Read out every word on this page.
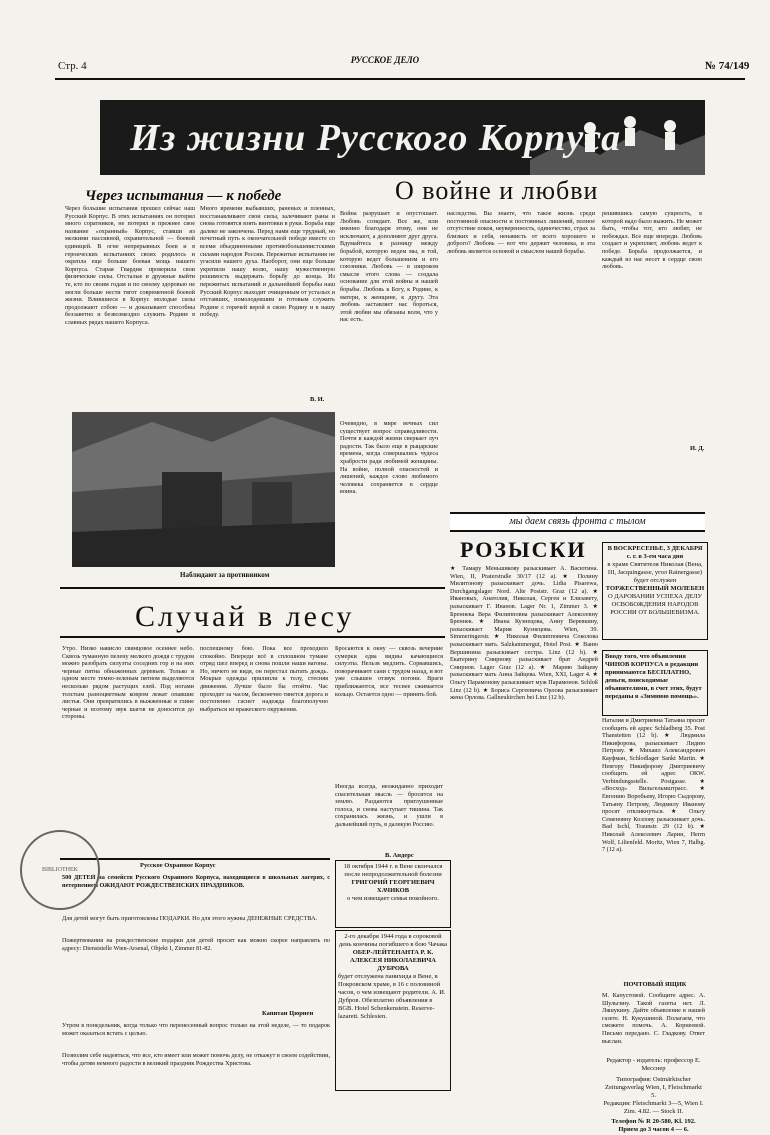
Стр. 4	РУССКОЕ ДЕЛО	№ 74/149
Из жизни Русского Корпуса
Через испытания — к победе
Через большие испытания прошел сейчас наш Русский Корпус. В этих испытаниях он потерял много соратников, не потерял и прежнее свое название «охранный» Корпус, ставши из мелкими пассивной, охранительной — боевой единицей. В огне непрерывных боев и в героических испытаниях своих родилось и окрепла еще больше боевая мощь нашего Корпуса. Старая Гвардия проверила свои физические силы. Отсталые и дружные выйти те, кто по своим годам и по своему здоровью не могли больше нести тягот современной боевой жизни. Влившиеся в Корпус молодые силы продолжают собою — и доказывают способны беззаветно и безвозмездно служить Родине в славных рядах нашего Корпуса.
Много времени выбывших, раненых и пленных, восстанавливают свои силы, залечивают раны и снова готовятся взять винтовки в руки. Борьба еще далеко не закончена. Перед нами еще трудный, но почетный путь к окончательной победе вместе со всеми объединенными противобольшевистскими силами народов России. Пережитые испытания не угасили нашего духа. Наоборот, они еще больше укрепили нашу волю, нашу мужественную решимость выдержать борьбу до конца. Из пережитых испытаний и дальнейшей борьбы наш Русский Корпус выходит очищенным от усталых и отставших, помолодевшим и готовым служить Родине с горячей верой в свою Родину и в нашу победу.
В. И.
Наблюдают за противником
О войне и любви
Война разрушает и опустошает. Любовь созидает. Все же, или именно благодаря этому, они не исключают, а дополняют друг друга. Вдумайтесь в разницу между борьбой, которую ведем мы, и той, которую ведет большевизм и его союзники. Любовь — в широком смысле этого слова — создала основание для этой войны и нашей борьбы. Любовь к Богу, к Родине, к матери, к женщине, к другу. Эта любовь заставляет нас бороться, этой любви мы обязаны всем, что у нас есть.
Очевидно, в мире вечных сил существует вопрос справедливости. Почти в каждой жизни сверкает луч радости. Так было еще в рыцарские времена, когда совершались чудеса храбрости ради любимой женщины. На войне, полной опасностей и лишений, каждое слово любимого человека сохраняется в сердце воина.
наследства. Вы знаете, что такое жизнь среди постоянной опасности и постоянных лишений, полное отсутствие покоя, неуверенность, одиночество, страх за близких и себя, ненависть от всего хорошего и доброго? Любовь — вот что держит человека, и эта любовь является основой и смыслом нашей борьбы.
решившись самую сущность, в которой надо было выжить. Не может быть, чтобы тот, кто любит, не побеждал. Все еще впереди. Любовь создает и укрепляет, любовь ведет к победе. Борьба продолжается, и каждый из нас несет в сердце свою любовь.
И. Д.
мы даем связь фронта с тылом
РОЗЫСКИ
★ Тамару Меньшикову разыскивает А. Васютина. Wien, II, Praterstraße 30/17 (12 a). ★ Полину Милитонову разыскивает дочь. Lidia Pisarewa, Durchgangslager Nord. Alte Poststr. Graz (12 a). ★ Ивановых, Анатолия, Николая, Сергея и Елизавету, разыскивает Г. Иванов. Lager Nr. 1, Zimmer 3. ★ Бреннека Вера Филипповна разыскивает Алексеевну Бреннек. ★ Ивана Кузнецова, Анну Веревкину, разыскивает Мария Кузнецова. Wien, 39. Simmeringerstr. ★ Николая Филипповича Соколова разыскивает мать. Salzkammergut, Hotel Post. ★ Ваню Вершинина разыскивает сестра. Linz (12 b). ★ Екатерину Смирнову разыскивает брат Андрей Смирнов. Lager Graz (12 a). ★ Марию Зайцеву разыскивает мать Анна Зайцева. Wien, XXI, Lager 4. ★ Ольгу Парамонову разыскивает муж Парамонов. Schloß Linz (12 b). ★ Бориса Сергеевича Орлова разыскивает жена Орлова. Gallneukirchen bei Linz (12 b).
В ВОСКРЕСЕНЬЕ, 3 ДЕКАБРЯ с. г. в 3-ем часа дня
в храме Святителя Николая (Вена, III, Jacquingasse, угол Rainergasse)
будет отслужен
ТОРЖЕСТВЕННЫЙ МОЛЕБЕН
О ДАРОВАНИИ УСПЕХА ДЕЛУ ОСВОБОЖДЕНИЯ НАРОДОВ РОССИИ ОТ БОЛЬШЕВИЗМА.
Вводу того, что объявления ЧИНОВ КОРПУСА в редакции принимаются БЕСПЛАТНО, деньги, поискодимые объявителями, в счет этих, будут переданы в «Зимнюю помощь».
Наталия и Дмитриевна Татьяна просит сообщить ей адрес Schladberg 35. Post Thanstetten (12 b). ★ Людмила Никифорова, разыскивает Лидию Петрову. ★ Михаил Александрович Кауфман, Schlodlager Sankt Martin. ★ Невгору Никифорову Дмитриевичу сообщить ей адрес ОКW. Verbindungsstelle. Postgasse. ★ «Восход» Вильгельмштрасс. ★ Евгению Воробьеву, Игорю Сыдорову, Татьяну Петрову, Людмилу Иванову просят откликнуться. ★ Ольгу Семеновну Козлову разыскивает дочь. Bad Ischl, Traunstr. 29 (12 b). ★ Николай Алексеевич Ларин, Herrn Wolf, Lilienfeld. Moritz, Wien 7, Halbg. 7 (12 a).
ПОЧТОВЫЙ ЯЩИК
М. Капустовой. Сообщите адрес. А. Шульгину. Такой газеты нет. Л. Ляшукину. Дайте объявление в нашей газете. Н. Кукушиной. Полагаем, что сможете помочь. А. Корнеевой. Письмо передано. С. Гладкову. Ответ выслан.
Редактор - издатель: профессор Е. Месснер
Типография: Ostmärkischer Zeitungsverlag Wien, I, Fleischmarkt 5.
Редакция: Fleischmarkt 3—5, Wien I. Zim. 4.82. — Stock II.
Телефон № R 20-580, Kl. 192. Прием до 3 часов 4 — 6.
Случай в лесу
Утро. Низко нависло свинцовое осеннее небо. Сквозь туманную пелену мелкого дождя с трудом можно разобрать силуэты соседних гор и на них черные пятна обнаженных деревьев. Только в одном месте темно-зеленым пятном выделяются несколько рядом растущих елей. Под ногами толстым разноцветным ковром лежат опавшие листья. Они превратились в выжженные в глине черные и поэтому звук шагов не доносится до стороны.
поспешному бою. Пока все проходило спокойно. Впереди всё в сплошном тумане отряд шел вперед и снова пошли наши вагоны. Но, ничего не видя, он перестал пытать дождь. Мокрые одежды прилипли к телу, стесняя движения. Лучше было бы отойти. Час проходит за часом, бесконечно тянется дорога и постепенно гаснет надежда благополучно выбраться из вражеского окружения.
Бросаются к окну — сквозь вечерние сумерки едва видны качающиеся силуэты. Нельзя медлить. Сорвавшись, поворачивают сани с трудом назад, и вот уже слышен отзвук погони. Враги приближаются, все теснее сжимается кольцо. Остается одно — принять бой.
Иногда всегда, неожиданно приходит спасительная мысль — бросится на землю. Раздаются приглушенные голоса, и снова наступает тишина. Так сохранилась жизнь, и ушли в дальнейший путь, в далекую Россию.
В. Андерс
18 октября 1944 г. в Вене скончался после непродолжительной болезни
ГРИГОРИЙ ГЕОРГИЕВИЧ ХАЧИКОВ
о чем извещает семья покойного.
2-го декабря 1944 года в сороковой день кончины погибшего в бою Чачака
ОБЕР-ЛЕЙТЕНАНТА Р. К.
АЛЕКСЕЯ НИКОЛАЕВИЧА ДУБРОВА
будет отслужена панихида в Вене, в Покровском храме, в 16 с половиной часов, о чем извещают родители. А. И. Дубров. Обезплатно объявления в ВGВ. Hotel Schenkenstein. Reserve-lazarett. Schlesien.
Русское Охранное Корпус
500 ДЕТЕЙ на семейств Русского Охранного Корпуса, находящиеся в школьных лагерях, с нетерпением ОЖИДАЮТ РОЖДЕСТВЕНСКИХ ПРАЗДНИКОВ.
Для детей могут быть приготовлены ПОДАРКИ. Но для этого нужны ДЕНЕЖНЫЕ СРЕДСТВА.
Пожертвования на рождественские подарки для детей просят как можно скорее направлять по адресу: Dienststelle Wien-Arsenal, Objekt I, Zimmer 81-82.
Капитан Цюрнен
Утром в понедельник, когда только что перенесенный вопрос только на этой неделе, — то подарок может оказаться встать с целью.
Позволим себе надеяться, что все, кто имеет или может помочь делу, не откажут в своем содействии, чтобы детям немного радости в великий праздник Рождества Христова.
BIBLIOTHEK
